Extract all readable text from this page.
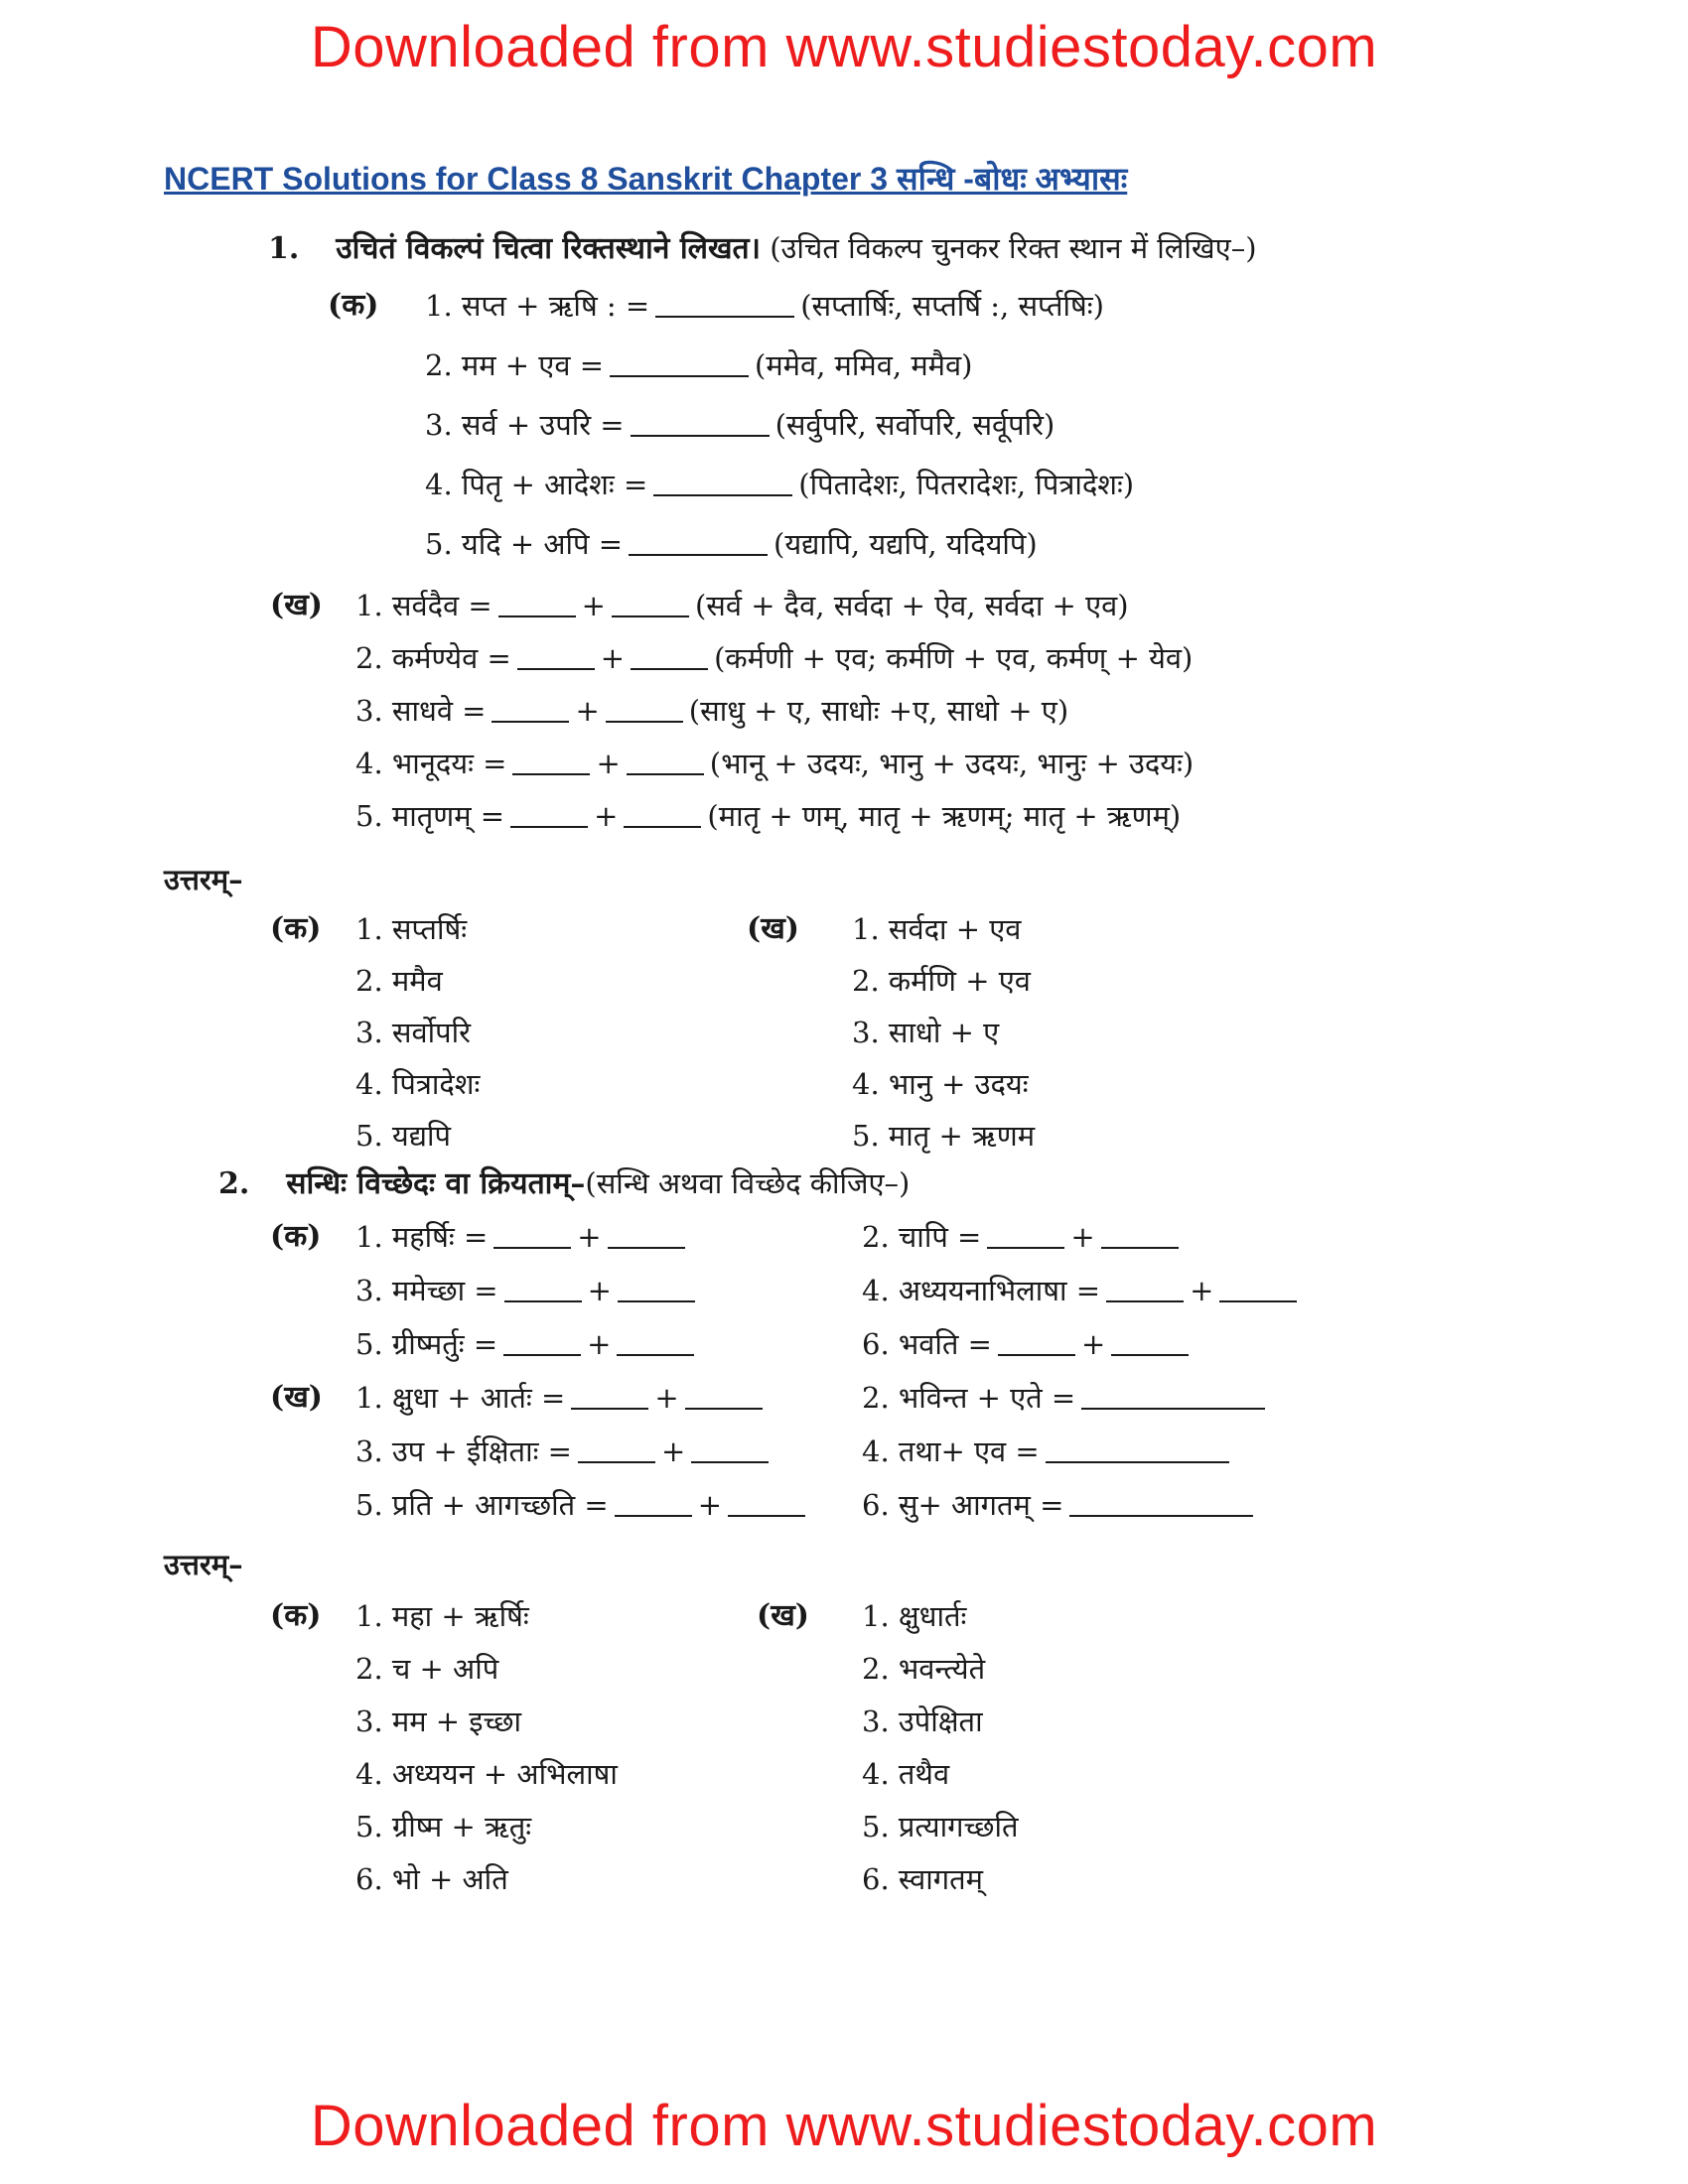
Downloaded from www.studiestoday.com
NCERT Solutions for Class 8 Sanskrit Chapter 3 सन्धि -बोधः अभ्यासः
1. उचितं विकल्पं चित्वा रिक्तस्थाने लिखत। (उचित विकल्प चुनकर रिक्त स्थान में लिखिए–)
(क) 1. सप्त + ऋषि : =	(सप्तार्षिः, सप्तर्षि :, सर्प्तषिः)
2. मम + एव =	(ममेव, ममिव, ममैव)
3. सर्व + उपरि =	(सर्वुपरि, सर्वोपरि, सर्वूपरि)
4. पितृ + आदेशः =	(पितादेशः, पितरादेशः, पित्रादेशः)
5. यदि + अपि =	(यद्यापि, यद्यपि, यदियपि)
(ख) 1. सर्वदैव =	+	(सर्व + दैव, सर्वदा + ऐव, सर्वदा + एव)
2. कर्मण्येव =	+	(कर्मणी + एव; कर्मणि + एव, कर्मण् + येव)
3. साधवे =	+	(साधु + ए, साधोः +ए, साधो + ए)
4. भानूदयः =	+	(भानू + उदयः, भानु + उदयः, भानुः + उदयः)
5. मातृणम् =	+	(मातृ + णम्, मातृ + ऋणम्; मातृ + ऋणम्)
उत्तरम्–
(क) 1. सप्तर्षिः
2. ममैव
3. सर्वोपरि
4. पित्रादेशः
5. यद्यपि
(ख) 1. सर्वदा + एव
2. कर्मणि + एव
3. साधो + ए
4. भानु + उदयः
5. मातृ + ऋणम
2. सन्धिः विच्छेदः वा क्रियताम्–(सन्धि अथवा विच्छेद कीजिए–)
(क) 1. महर्षिः =	+	2. चापि =	+
3. ममेच्छा =	+	4. अध्ययनाभिलाषा =	+
5. ग्रीष्मर्तुः =	+	6. भवति =	+
(ख) 1. क्षुधा + आर्तः =	+	2. भविन्त + एते =
3. उप + ईक्षिताः =	+	4. तथा+ एव =
5. प्रति + आगच्छति =	+	6. सु+ आगतम् =
उत्तरम्–
(क) 1. महा + ऋर्षिः
2. च + अपि
3. मम + इच्छा
4. अध्ययन + अभिलाषा
5. ग्रीष्म + ऋतुः
6. भो + अति
(ख) 1. क्षुधार्तः
2. भवन्त्येते
3. उपेक्षिता
4. तथैव
5. प्रत्यागच्छति
6. स्वागतम्
Downloaded from www.studiestoday.com
